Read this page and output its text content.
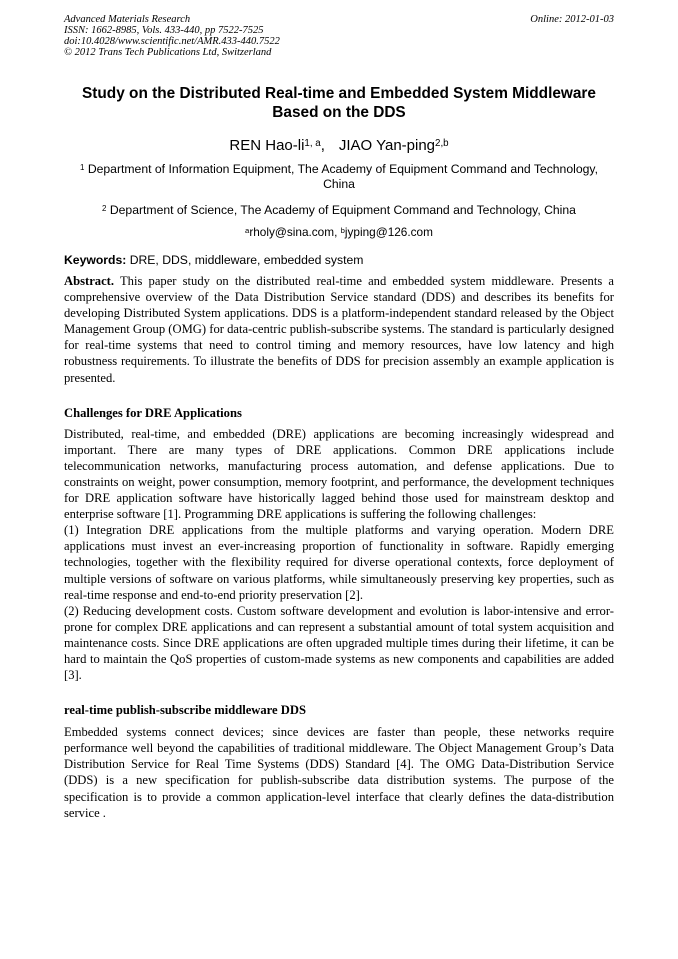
Advanced Materials Research
ISSN: 1662-8985, Vols. 433-440, pp 7522-7525
doi:10.4028/www.scientific.net/AMR.433-440.7522
© 2012 Trans Tech Publications Ltd, Switzerland
Online: 2012-01-03
Study on the Distributed Real-time and Embedded System Middleware
Based on the DDS
REN Hao-li$^{1, a}$, JIAO Yan-ping$^{2,b}$
$^1$ Department of Information Equipment, The Academy of Equipment Command and Technology, China
$^2$ Department of Science, The Academy of Equipment Command and Technology, China
$^a$rholy@sina.com, $^b$jyping@126.com
Keywords: DRE, DDS, middleware, embedded system

Abstract. This paper study on the distributed real-time and embedded system middleware. Presents a comprehensive overview of the Data Distribution Service standard (DDS) and describes its benefits for developing Distributed System applications. DDS is a platform-independent standard released by the Object Management Group (OMG) for data-centric publish-subscribe systems. The standard is particularly designed for real-time systems that need to control timing and memory resources, have low latency and high robustness requirements. To illustrate the benefits of DDS for precision assembly an example application is presented.

Challenges for DRE Applications

Distributed, real-time, and embedded (DRE) applications are becoming increasingly widespread and important. There are many types of DRE applications. Common DRE applications include telecommunication networks, manufacturing process automation, and defense applications. Due to constraints on weight, power consumption, memory footprint, and performance, the development techniques for DRE application software have historically lagged behind those used for mainstream desktop and enterprise software [1]. Programming DRE applications is suffering the following challenges:

(1) Integration DRE applications from the multiple platforms and varying operation. Modern DRE applications must invest an ever-increasing proportion of functionality in software. Rapidly emerging technologies, together with the flexibility required for diverse operational contexts, force deployment of multiple versions of software on various platforms, while simultaneously preserving key properties, such as real-time response and end-to-end priority preservation [2].

(2) Reducing development costs. Custom software development and evolution is labor-intensive and error-prone for complex DRE applications and can represent a substantial amount of total system acquisition and maintenance costs. Since DRE applications are often upgraded multiple times during their lifetime, it can be hard to maintain the QoS properties of custom-made systems as new components and capabilities are added [3].

real-time publish-subscribe middleware DDS

Embedded systems connect devices; since devices are faster than people, these networks require performance well beyond the capabilities of traditional middleware. The Object Management Group’s Data Distribution Service for Real Time Systems (DDS) Standard [4]. The OMG Data-Distribution Service (DDS) is a new specification for publish-subscribe data distribution systems. The purpose of the specification is to provide a common application-level interface that clearly defines the data-distribution service .
